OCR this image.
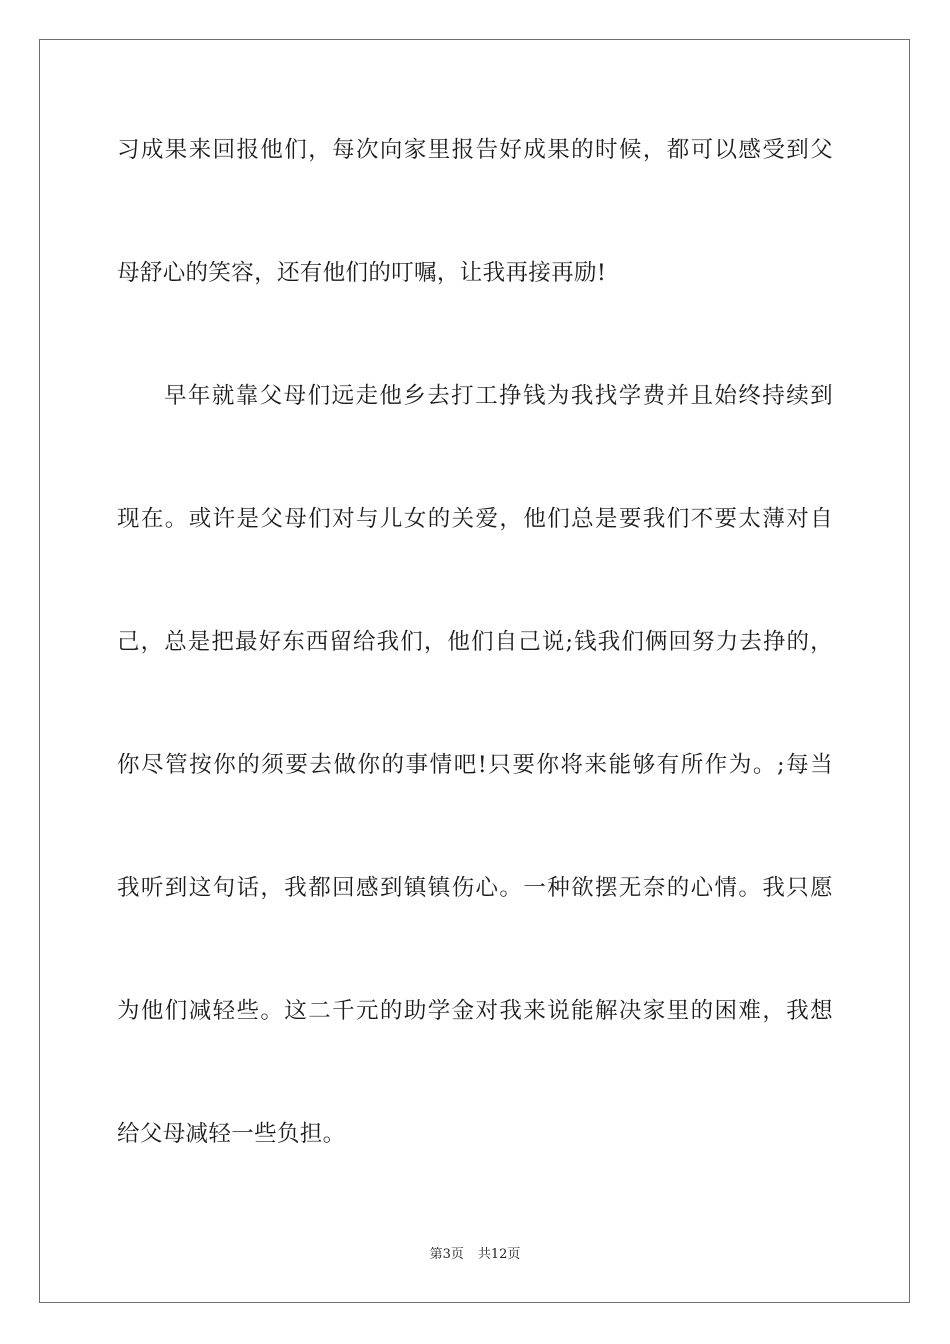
习成果来回报他们，每次向家里报告好成果的时候，都可以感受到父
母舒心的笑容，还有他们的叮嘱，让我再接再励!
早年就靠父母们远走他乡去打工挣钱为我找学费并且始终持续到
现在。或许是父母们对与儿女的关爱，他们总是要我们不要太薄对自
己，总是把最好东西留给我们，他们自己说;钱我们俩回努力去挣的，
你尽管按你的须要去做你的事情吧!只要你将来能够有所作为。;每当
我听到这句话，我都回感到镇镇伤心。一种欲摆无奈的心情。我只愿
为他们减轻些。这二千元的助学金对我来说能解决家里的困难，我想
给父母减轻一些负担。
第3页 共12页
